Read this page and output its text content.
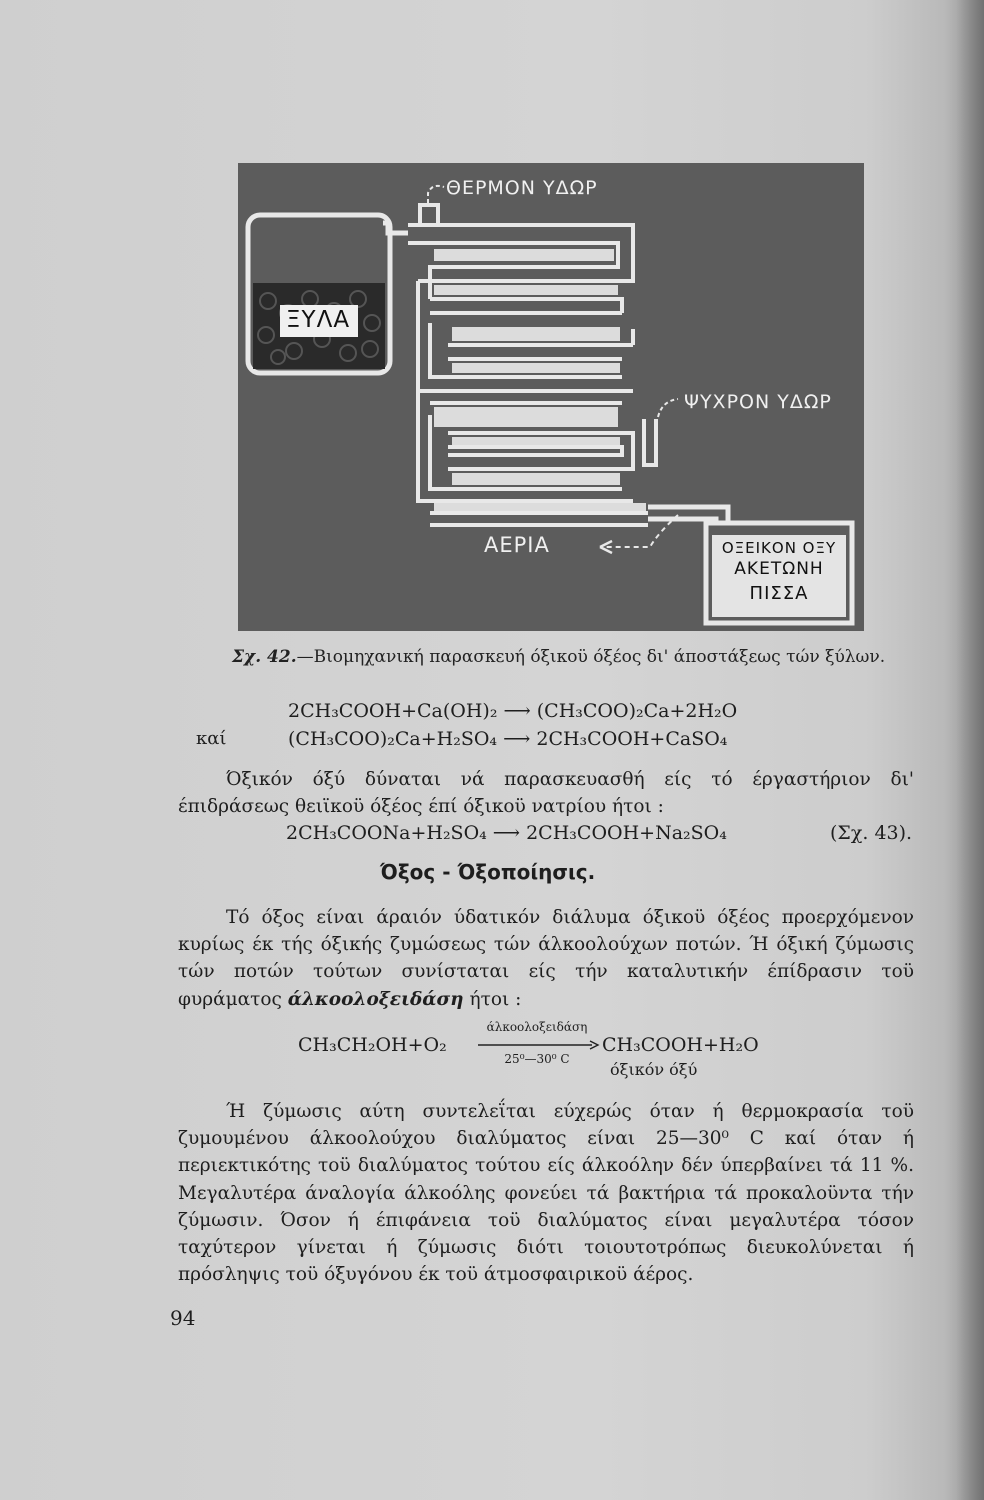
ΘΕΡΜΟΝ ΥΔΩΡ
ΞΥΛΑ
ΨΥΧΡΟΝ ΥΔΩΡ
ΑΕΡΙΑ	ΟΞΕΙΚΟΝ ΟΞΥ
ΑΚΕΤΩΝΗ
ΠΙΣΣΑ
Σχ. 42.—Βιομηχανική παρασκευή όξικοϋ όξέος δι' άποστάξεως τών ξύλων.
2CH₃COOH+Ca(OH)₂ ⟶ (CH₃COO)₂Ca+2H₂O
καί	(CH₃COO)₂Ca+H₂SO₄ ⟶ 2CH₃COOH+CaSO₄
Όξικόν όξύ δύναται νά παρασκευασθή είς τό έργαστήριον δι' έπιδράσεως θειϊκοϋ όξέος έπί όξικοϋ νατρίου ήτοι :
2CH₃COONa+H₂SO₄ ⟶ 2CH₃COOH+Na₂SO₄	(Σχ. 43).
Όξος - Όξοποίησις.
Τό όξος είναι άραιόν ύδατικόν διάλυμα όξικοϋ όξέος προερχόμενον κυρίως έκ τής όξικής ζυμώσεως τών άλκοολούχων ποτών. Ή όξική ζύμωσις τών ποτών τούτων συνίσταται είς τήν καταλυτικήν έπίδρασιν τοϋ φυράματος άλκοολοξειδάση ήτοι :
CH₃CH₂OH+O₂
άλκοολοξειδάση
25⁰—30⁰ C
CH₃COOH+H₂O
όξικόν όξύ
Ή ζύμωσις αύτη συντελεΐται εύχερώς όταν ή θερμοκρασία τοϋ ζυμουμένου άλκοολούχου διαλύματος είναι 25—30⁰ C καί όταν ή περιεκτικότης τοϋ διαλύματος τούτου είς άλκοόλην δέν ύπερβαίνει τά 11 %. Μεγαλυτέρα άναλογία άλκοόλης φονεύει τά βακτήρια τά προκαλοϋντα τήν ζύμωσιν. Όσον ή έπιφάνεια τοϋ διαλύματος είναι μεγαλυτέρα τόσον ταχύτερον γίνεται ή ζύμωσις διότι τοιουτοτρόπως διευκολύνεται ή πρόσληψις τοϋ όξυγόνου έκ τοϋ άτμοσφαιρικοϋ άέρος.
94
